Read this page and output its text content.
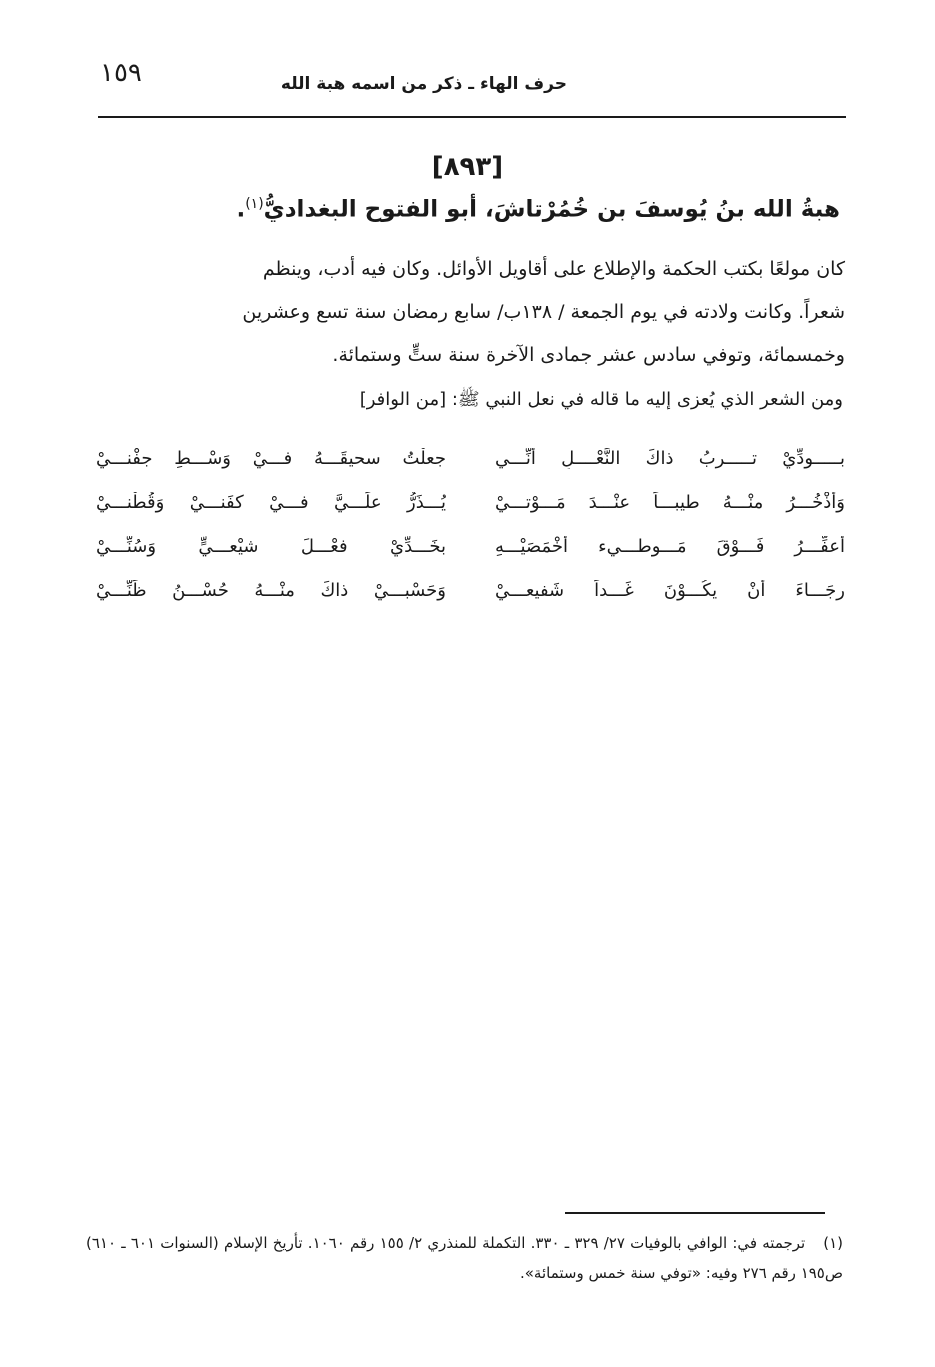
١٥٩	حرف الهاء ـ ذكر من اسمه هبة الله
[٨٩٣]
هبةُ الله بنُ يُوسفَ بن خُمُرْتاشَ، أبو الفتوح البغداديُّ$^{(١)}$.

كان مولعًا بكتب الحكمة والإطلاع على أقاويل الأوائل. وكان فيه أدب، وينظم

شعراً. وكانت ولادته في يوم الجمعة / ١٣٨ب/ سابع رمضان سنة تسع وعشرين

وخمسمائة، وتوفي سادس عشر جمادى الآخرة سنة ستٍّ وستمائة.

ومن الشعر الذي يُعزى إليه ما قاله في نعل النبي ﷺ: [من الوافر]
بـــــودِّيْ تـــــربُ ذاكَ النَّعْــــلِ أنِّـــي
جعلْتُ سحيقَـــهُ فـــيْ وَسْـــطِ جفْنـــيْ
وَأذْخُـــرُ منْـــهُ طيبـــاً عنْـــدَ مَـــوْتـــيْ
يُـــذَرُّ علَـــيَّ فـــيْ كفَنـــيْ وَقُطْنـــيْ
أعفِّـــرُ فَـــوْقَ مَـــوطـــيء أخْمَصَيْـــهِ
بخَـــدِّيْ فعْـــلَ شيْعـــيٍّ وَسُنِّـــيْ
رجَـــاءَ أنْ يكُـــوْنَ غَـــداً شَفيعـــيْ
وَحَسْبـــيْ ذاكَ منْـــهُ حُسْـــنُ ظَنِّـــيْ
(١)ترجمته في: الوافي بالوفيات ٢٧/ ٣٢٩ ـ ٣٣٠. التكملة للمنذري ٢/ ١٥٥ رقم ١٠٦٠. تأريخ الإسلام (السنوات ٦٠١ ـ ٦١٠) ص١٩٥ رقم ٢٧٦ وفيه: «توفي سنة خمس وستمائة».
